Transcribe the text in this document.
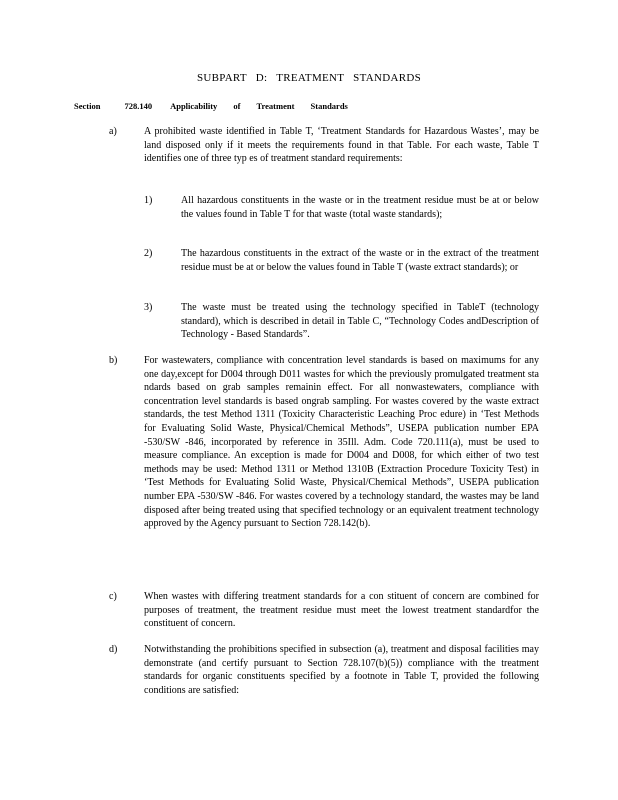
SUBPART D: TREATMENT STANDARDS
Section	728.140 Applicability of Treatment Standards
a)	A prohibited waste identified in Table T, ‘Treatment Standards for Hazardous Wastes’, may be land disposed only if it meets the requirements found in that Table. For each waste, Table T identifies one of three typ es of treatment standard requirements:
1)	All hazardous constituents in the waste or in the treatment residue must be at or below the values found in Table T for that waste (total waste standards);
2)	The hazardous constituents in the extract of the waste or in the extract of the treatment residue must be at or below the values found in Table T (waste extract standards); or
3)	The waste must be treated using the technology specified in TableT (technology standard), which is described in detail in Table C, “Technology Codes andDescription of Technology - Based Standards”.
b)	For wastewaters, compliance with concentration level standards is based on maximums for any one day,except for D004 through D011 wastes for which the previously promulgated treatment sta ndards based on grab samples remainin effect. For all nonwastewaters, compliance with concentration level standards is based ongrab sampling. For wastes covered by the waste extract standards, the test Method 1311 (Toxicity Characteristic Leaching Proc edure) in ‘Test Methods for Evaluating Solid Waste, Physical/Chemical Methods”, USEPA publication number EPA -530/SW -846, incorporated by reference in 35Ill. Adm. Code 720.111(a), must be used to measure compliance. An exception is made for D004 and D008, for which either of two test methods may be used: Method 1311 or Method 1310B (Extraction Procedure Toxicity Test) in ‘Test Methods for Evaluating Solid Waste, Physical/Chemical Methods”, USEPA publication number EPA -530/SW -846. For wastes covered by a technology standard, the wastes may be land disposed after being treated using that specified technology or an equivalent treatment technology approved by the Agency pursuant to Section 728.142(b).
c)	When wastes with differing treatment standards for a con stituent of concern are combined for purposes of treatment, the treatment residue must meet the lowest treatment standardfor the constituent of concern.
d)	Notwithstanding the prohibitions specified in subsection (a), treatment and disposal facilities may demonstrate (and certify pursuant to Section 728.107(b)(5)) compliance with the treatment standards for organic constituents specified by a footnote in Table T, provided the following conditions are satisfied:
